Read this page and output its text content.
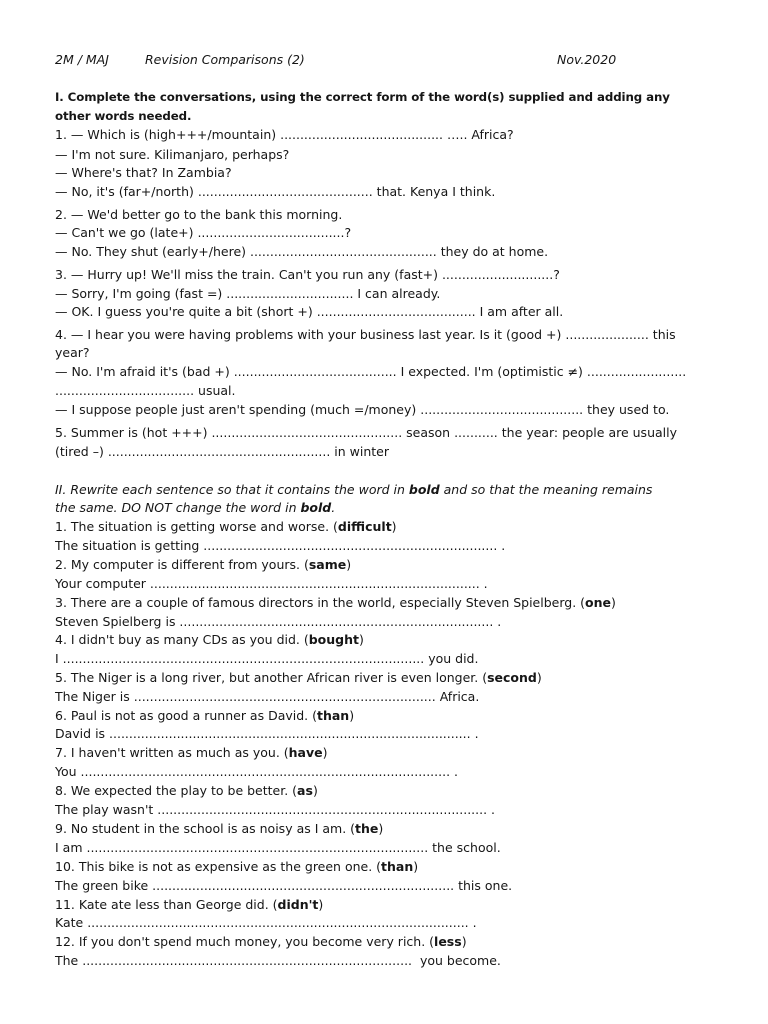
2M / MAJ	Revision Comparisons (2)	Nov.2020
I. Complete the conversations, using the correct form of the word(s) supplied and adding any
other words needed.
1. — Which is (high+++/mountain) ......................................... ….. Africa?
— I'm not sure. Kilimanjaro, perhaps?
— Where's that? In Zambia?
— No, it's (far+/north) ............................................ that. Kenya I think.
2. — We'd better go to the bank this morning.
— Can't we go (late+) .....................................?
— No. They shut (early+/here) ............................................... they do at home.
3. — Hurry up! We'll miss the train. Can't you run any (fast+) ............................?
— Sorry, I'm going (fast =) ................................ I can already.
— OK. I guess you're quite a bit (short +) ........................................ I am after all.
4. — I hear you were having problems with your business last year. Is it (good +) ..................... this
year?
— No. I'm afraid it's (bad +) ......................................... I expected. I'm (optimistic ≠) .........................
................................... usual.
— I suppose people just aren't spending (much =/money) ......................................... they used to.
5. Summer is (hot +++) ................................................ season ........... the year: people are usually
(tired –) ........................................................ in winter
II. Rewrite each sentence so that it contains the word in bold and so that the meaning remains
the same. DO NOT change the word in bold.
1. The situation is getting worse and worse. (difficult)
The situation is getting .......................................................................... .
2. My computer is different from yours. (same)
Your computer ................................................................................... .
3. There are a couple of famous directors in the world, especially Steven Spielberg. (one)
Steven Spielberg is ............................................................................... .
4. I didn't buy as many CDs as you did. (bought)
I ........................................................................................... you did.
5. The Niger is a long river, but another African river is even longer. (second)
The Niger is ............................................................................ Africa.
6. Paul is not as good a runner as David. (than)
David is ........................................................................................... .
7. I haven't written as much as you. (have)
You ............................................................................................. .
8. We expected the play to be better. (as)
The play wasn't ................................................................................... .
9. No student in the school is as noisy as I am. (the)
I am ...................................................................................... the school.
10. This bike is not as expensive as the green one. (than)
The green bike ............................................................................ this one.
11. Kate ate less than George did. (didn't)
Kate ................................................................................................ .
12. If you don't spend much money, you become very rich. (less)
The ...................................................................................  you become.
